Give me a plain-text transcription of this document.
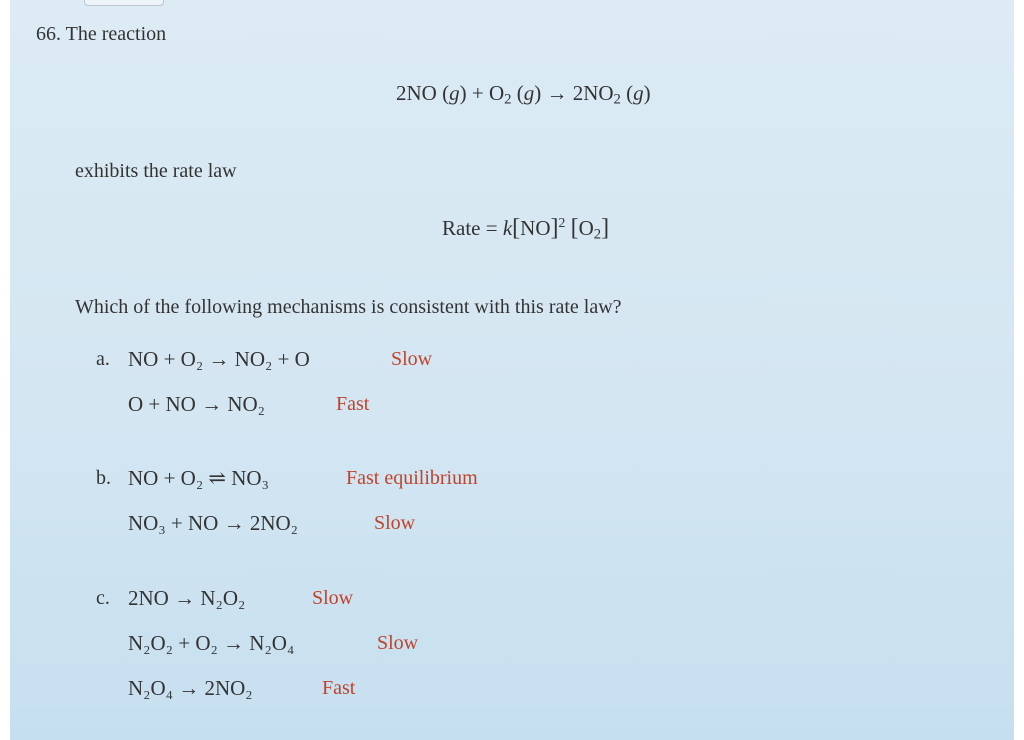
66. The reaction
2NO $(g) + O_2$ $(g) \to 2NO_2$ (g)
exhibits the rate law
Rate = k[NO]$^2$ $[O_2]$
Which of the following mechanisms is consistent with this rate law?
a. NO + O₂ → NO₂ + O	Slow
O + NO → NO₂	Fast
b. NO + O₂ ⇌ NO₃	Fast equilibrium
NO₃ + NO → 2NO₂	Slow
c. 2NO → N₂O₂	Slow
N₂O₂ + O₂ → N₂O₄	Slow
N₂O₄ → 2NO₂	Fast
